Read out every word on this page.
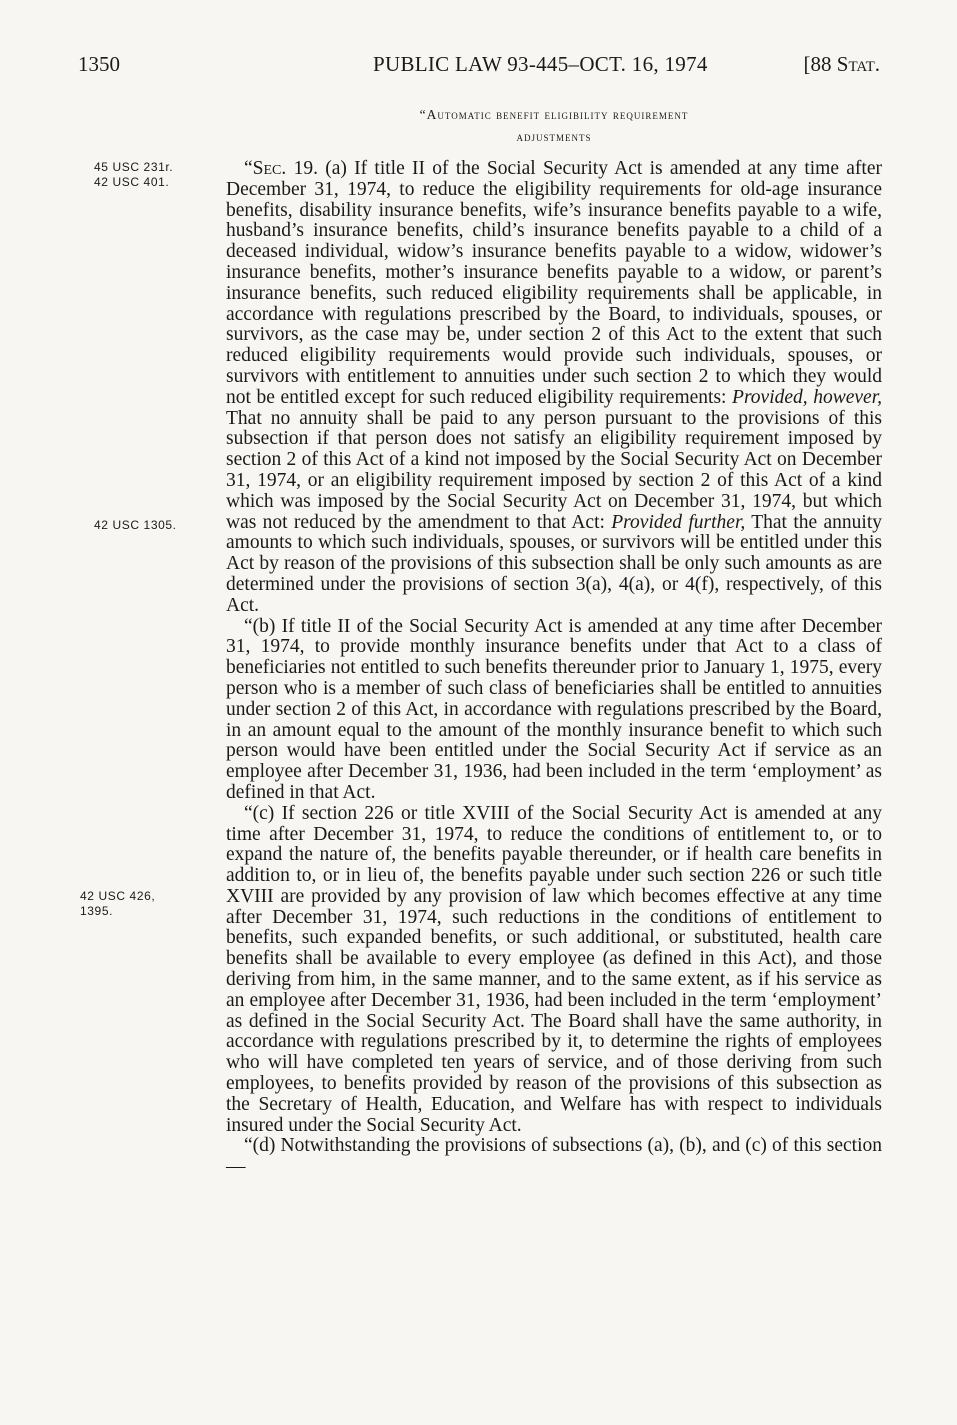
1350	PUBLIC LAW 93-445–OCT. 16, 1974	[88 Stat.
“Automatic benefit eligibility requirement
adjustments
45 USC 231r.
42 USC 401.
42 USC 1305.
42 USC 426,
1395.

“Sec. 19. (a) If title II of the Social Security Act is amended at any time after December 31, 1974, to reduce the eligibility requirements for old-age insurance benefits, disability insurance benefits, wife’s insurance benefits payable to a wife, husband’s insurance benefits, child’s insurance benefits payable to a child of a deceased individual, widow’s insurance benefits payable to a widow, widower’s insurance benefits, mother’s insurance benefits payable to a widow, or parent’s insurance benefits, such reduced eligibility requirements shall be applicable, in accordance with regulations prescribed by the Board, to individuals, spouses, or survivors, as the case may be, under section 2 of this Act to the extent that such reduced eligibility requirements would provide such individuals, spouses, or survivors with entitlement to annuities under such section 2 to which they would not be entitled except for such reduced eligibility requirements: Provided, however, That no annuity shall be paid to any person pursuant to the provisions of this subsection if that person does not satisfy an eligibility requirement imposed by section 2 of this Act of a kind not imposed by the Social Security Act on December 31, 1974, or an eligibility requirement imposed by section 2 of this Act of a kind which was imposed by the Social Security Act on December 31, 1974, but which was not reduced by the amendment to that Act: Provided further, That the annuity amounts to which such individuals, spouses, or survivors will be entitled under this Act by reason of the provisions of this subsection shall be only such amounts as are determined under the provisions of section 3(a), 4(a), or 4(f), respectively, of this Act.

“(b) If title II of the Social Security Act is amended at any time after December 31, 1974, to provide monthly insurance benefits under that Act to a class of beneficiaries not entitled to such benefits thereunder prior to January 1, 1975, every person who is a member of such class of beneficiaries shall be entitled to annuities under section 2 of this Act, in accordance with regulations prescribed by the Board, in an amount equal to the amount of the monthly insurance benefit to which such person would have been entitled under the Social Security Act if service as an employee after December 31, 1936, had been included in the term ‘employment’ as defined in that Act.

“(c) If section 226 or title XVIII of the Social Security Act is amended at any time after December 31, 1974, to reduce the conditions of entitlement to, or to expand the nature of, the benefits payable thereunder, or if health care benefits in addition to, or in lieu of, the benefits payable under such section 226 or such title XVIII are provided by any provision of law which becomes effective at any time after December 31, 1974, such reductions in the conditions of entitlement to benefits, such expanded benefits, or such additional, or substituted, health care benefits shall be available to every employee (as defined in this Act), and those deriving from him, in the same manner, and to the same extent, as if his service as an employee after December 31, 1936, had been included in the term ‘employment’ as defined in the Social Security Act. The Board shall have the same authority, in accordance with regulations prescribed by it, to determine the rights of employees who will have completed ten years of service, and of those deriving from such employees, to benefits provided by reason of the provisions of this subsection as the Secretary of Health, Education, and Welfare has with respect to individuals insured under the Social Security Act.

“(d) Notwithstanding the provisions of subsections (a), (b), and (c) of this section—
